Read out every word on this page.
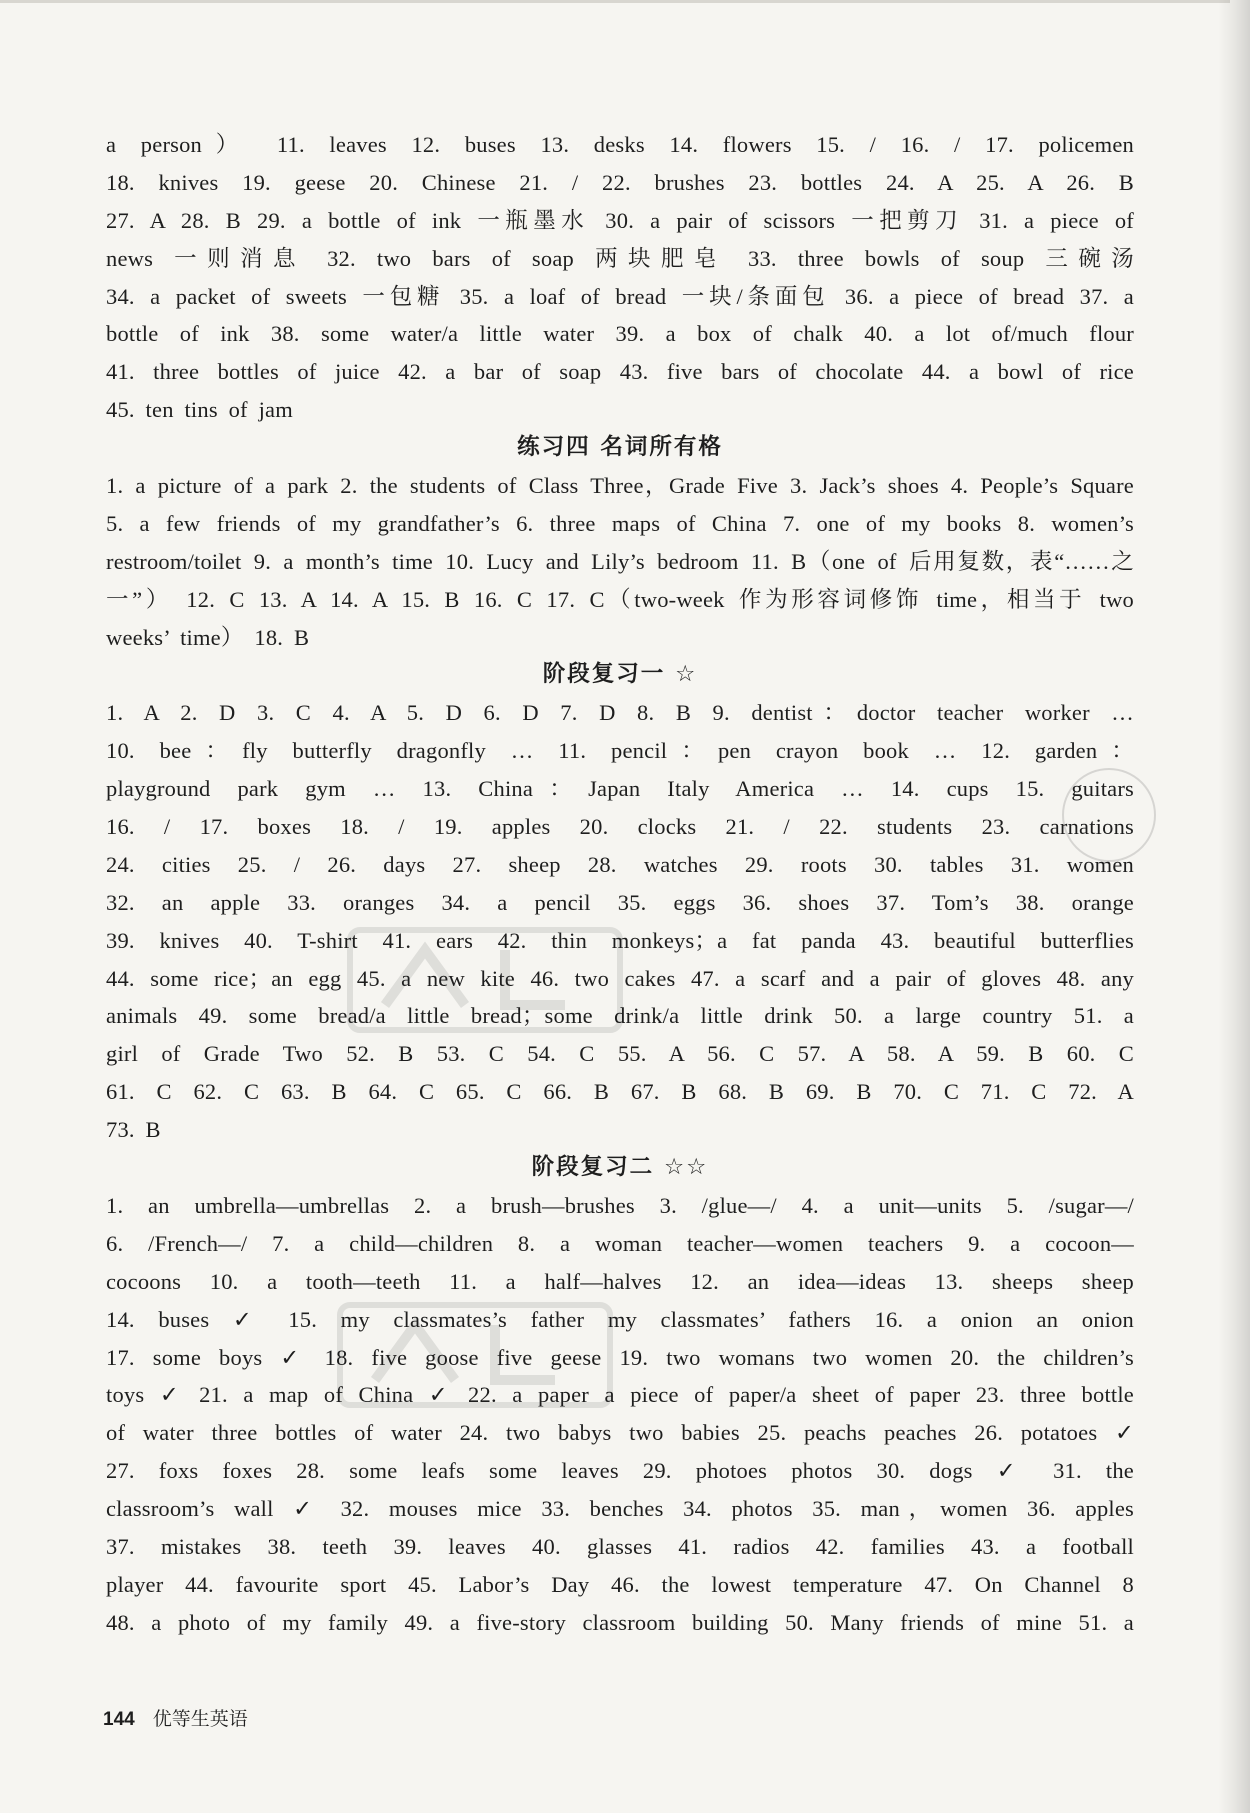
a person） 11. leaves 12. buses 13. desks 14. flowers 15. / 16. / 17. policemen
18. knives 19. geese 20. Chinese 21. / 22. brushes 23. bottles 24. A 25. A 26. B
27. A 28. B 29. a bottle of ink 一瓶墨水 30. a pair of scissors 一把剪刀 31. a piece of
news 一则消息 32. two bars of soap 两块肥皂 33. three bowls of soup 三碗汤
34. a packet of sweets 一包糖 35. a loaf of bread 一块/条面包 36. a piece of bread 37. a
bottle of ink 38. some water/a little water 39. a box of chalk 40. a lot of/much flour
41. three bottles of juice 42. a bar of soap 43. five bars of chocolate 44. a bowl of rice
45. ten tins of jam
练习四 名词所有格
1. a picture of a park 2. the students of Class Three，Grade Five 3. Jack’s shoes 4. People’s Square
5. a few friends of my grandfather’s 6. three maps of China 7. one of my books 8. women’s
restroom/toilet 9. a month’s time 10. Lucy and Lily’s bedroom 11. B（one of 后用复数，表“……之
一”） 12. C 13. A 14. A 15. B 16. C 17. C（two-week 作为形容词修饰 time，相当于 two
weeks’ time） 18. B
阶段复习一 ☆
1. A 2. D 3. C 4. A 5. D 6. D 7. D 8. B 9. dentist：doctor teacher worker …
10. bee：fly butterfly dragonfly … 11. pencil：pen crayon book … 12. garden：
playground park gym … 13. China：Japan Italy America … 14. cups 15. guitars
16. / 17. boxes 18. / 19. apples 20. clocks 21. / 22. students 23. carnations
24. cities 25. / 26. days 27. sheep 28. watches 29. roots 30. tables 31. women
32. an apple 33. oranges 34. a pencil 35. eggs 36. shoes 37. Tom’s 38. orange
39. knives 40. T-shirt 41. ears 42. thin monkeys；a fat panda 43. beautiful butterflies
44. some rice；an egg 45. a new kite 46. two cakes 47. a scarf and a pair of gloves 48. any
animals 49. some bread/a little bread；some drink/a little drink 50. a large country 51. a
girl of Grade Two 52. B 53. C 54. C 55. A 56. C 57. A 58. A 59. B 60. C
61. C 62. C 63. B 64. C 65. C 66. B 67. B 68. B 69. B 70. C 71. C 72. A
73. B
阶段复习二 ☆☆
1. an umbrella—umbrellas 2. a brush—brushes 3. /glue—/ 4. a unit—units 5. /sugar—/
6. /French—/ 7. a child—children 8. a woman teacher—women teachers 9. a cocoon—
cocoons 10. a tooth—teeth 11. a half—halves 12. an idea—ideas 13. sheeps sheep
14. buses ✓ 15. my classmates’s father my classmates’ fathers 16. a onion an onion
17. some boys ✓ 18. five goose five geese 19. two womans two women 20. the children’s
toys ✓ 21. a map of China ✓ 22. a paper a piece of paper/a sheet of paper 23. three bottle
of water three bottles of water 24. two babys two babies 25. peachs peaches 26. potatoes ✓
27. foxs foxes 28. some leafs some leaves 29. photoes photos 30. dogs ✓ 31. the
classroom’s wall ✓ 32. mouses mice 33. benches 34. photos 35. man，women 36. apples
37. mistakes 38. teeth 39. leaves 40. glasses 41. radios 42. families 43. a football
player 44. favourite sport 45. Labor’s Day 46. the lowest temperature 47. On Channel 8
48. a photo of my family 49. a five-story classroom building 50. Many friends of mine 51. a
144 优等生英语
